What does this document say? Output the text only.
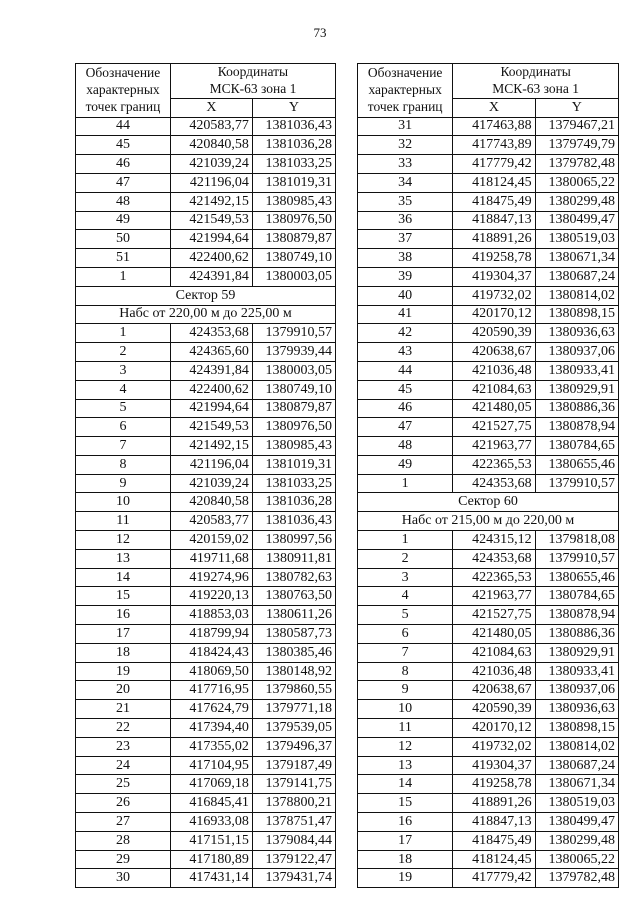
73
Обозначение
характерных
точек границ	Координаты
МСК-63 зона 1	
	X	Y
44	420583,77	1381036,43
45	420840,58	1381036,28
46	421039,24	1381033,25
47	421196,04	1381019,31
48	421492,15	1380985,43
49	421549,53	1380976,50
50	421994,64	1380879,87
51	422400,62	1380749,10
1	424391,84	1380003,05
Сектор 59		
Набс от 220,00 м до 225,00 м		
1	424353,68	1379910,57
2	424365,60	1379939,44
3	424391,84	1380003,05
4	422400,62	1380749,10
5	421994,64	1380879,87
6	421549,53	1380976,50
7	421492,15	1380985,43
8	421196,04	1381019,31
9	421039,24	1381033,25
10	420840,58	1381036,28
11	420583,77	1381036,43
12	420159,02	1380997,56
13	419711,68	1380911,81
14	419274,96	1380782,63
15	419220,13	1380763,50
16	418853,03	1380611,26
17	418799,94	1380587,73
18	418424,43	1380385,46
19	418069,50	1380148,92
20	417716,95	1379860,55
21	417624,79	1379771,18
22	417394,40	1379539,05
23	417355,02	1379496,37
24	417104,95	1379187,49
25	417069,18	1379141,75
26	416845,41	1378800,21
27	416933,08	1378751,47
28	417151,15	1379084,44
29	417180,89	1379122,47
30	417431,14	1379431,74
Обозначение
характерных
точек границ	Координаты
МСК-63 зона 1	
	X	Y
31	417463,88	1379467,21
32	417743,89	1379749,79
33	417779,42	1379782,48
34	418124,45	1380065,22
35	418475,49	1380299,48
36	418847,13	1380499,47
37	418891,26	1380519,03
38	419258,78	1380671,34
39	419304,37	1380687,24
40	419732,02	1380814,02
41	420170,12	1380898,15
42	420590,39	1380936,63
43	420638,67	1380937,06
44	421036,48	1380933,41
45	421084,63	1380929,91
46	421480,05	1380886,36
47	421527,75	1380878,94
48	421963,77	1380784,65
49	422365,53	1380655,46
1	424353,68	1379910,57
Сектор 60		
Набс от 215,00 м до 220,00 м		
1	424315,12	1379818,08
2	424353,68	1379910,57
3	422365,53	1380655,46
4	421963,77	1380784,65
5	421527,75	1380878,94
6	421480,05	1380886,36
7	421084,63	1380929,91
8	421036,48	1380933,41
9	420638,67	1380937,06
10	420590,39	1380936,63
11	420170,12	1380898,15
12	419732,02	1380814,02
13	419304,37	1380687,24
14	419258,78	1380671,34
15	418891,26	1380519,03
16	418847,13	1380499,47
17	418475,49	1380299,48
18	418124,45	1380065,22
19	417779,42	1379782,48
